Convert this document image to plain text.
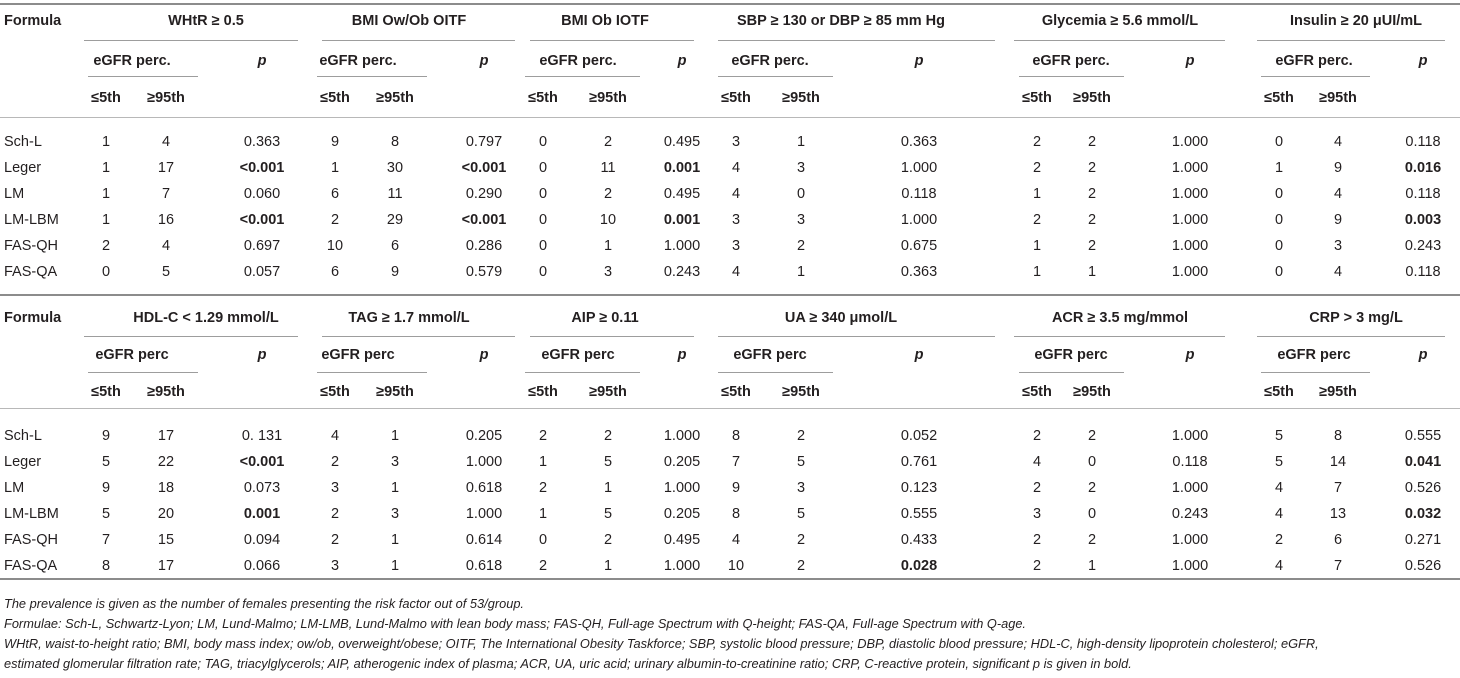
Formula	WHtR ≥ 0.5
eGFR perc.	p
≤5th ≥95th
BMI Ow/Ob OITF
eGFR perc.	p
≤5th ≥95th
BMI Ob IOTF
eGFR perc.	p
≤5th ≥95th
SBP ≥ 130 or DBP ≥ 85 mm Hg
eGFR perc.	p
≤5th ≥95th
Glycemia ≥ 5.6 mmol/L
eGFR perc.	p
≤5th ≥95th
Insulin ≥ 20 μUI/mL
eGFR perc.	p
≤5th ≥95th
Sch-L	1	4	0.363	9	8	0.797	0	2	0.495 3	1	0.363	2	2	1.000	0	4	0.118
Leger	1	17	<0.001	1	30	<0.001 0	11	0.001 4	3	1.000	2	2	1.000	1	9	0.016
LM	1	7	0.060	6	11	0.290	0	2	0.495 4	0	0.118	1	2	1.000	0	4	0.118
LM-LBM	1	16	<0.001	2	29	<0.001 0	10	0.001 3	3	1.000	2	2	1.000	0	9	0.003
FAS-QH	2	4	0.697	10	6	0.286	0	1	1.000 3	2	0.675	1	2	1.000	0	3	0.243
FAS-QA	0	5	0.057	6	9	0.579	0	3	0.243 4	1	0.363	1	1	1.000	0	4	0.118
Formula	HDL-C < 1.29 mmol/L
eGFR perc	p
≤5th ≥95th
TAG ≥ 1.7 mmol/L
eGFR perc	p
≤5th ≥95th
AIP ≥ 0.11
eGFR perc	p
≤5th ≥95th
UA ≥ 340 μmol/L
eGFR perc	p
≤5th ≥95th
ACR ≥ 3.5 mg/mmol
eGFR perc	p
≤5th ≥95th
CRP > 3 mg/L
eGFR perc	p
≤5th ≥95th
Sch-L	9	17	0. 131	4	1	0.205	2	2	1.000 8	2	0.052	2	2	1.000	5	8	0.555
Leger	5	22	<0.001	2	3	1.000	1	5	0.205 7	5	0.761	4	0	0.118	5	14	0.041
LM	9	18	0.073	3	1	0.618	2	1	1.000 9	3	0.123	2	2	1.000	4	7	0.526
LM-LBM	5	20	0.001	2	3	1.000	1	5	0.205 8	5	0.555	3	0	0.243	4	13	0.032
FAS-QH	7	15	0.094	2	1	0.614	0	2	0.495 4	2	0.433	2	2	1.000	2	6	0.271
FAS-QA	8	17	0.066	3	1	0.618	2	1	1.000 10	2	0.028	2	1	1.000	4	7	0.526
The prevalence is given as the number of females presenting the risk factor out of 53/group.
Formulae: Sch-L, Schwartz-Lyon; LM, Lund-Malmo; LM-LMB, Lund-Malmo with lean body mass; FAS-QH, Full-age Spectrum with Q-height; FAS-QA, Full-age Spectrum with Q-age.
WHtR, waist-to-height ratio; BMI, body mass index; ow/ob, overweight/obese; OITF, The International Obesity Taskforce; SBP, systolic blood pressure; DBP, diastolic blood pressure; HDL-C, high-density lipoprotein cholesterol; eGFR,
estimated glomerular filtration rate; TAG, triacylglycerols; AIP, atherogenic index of plasma; ACR, UA, uric acid; urinary albumin-to-creatinine ratio; CRP, C-reactive protein, significant p is given in bold.
